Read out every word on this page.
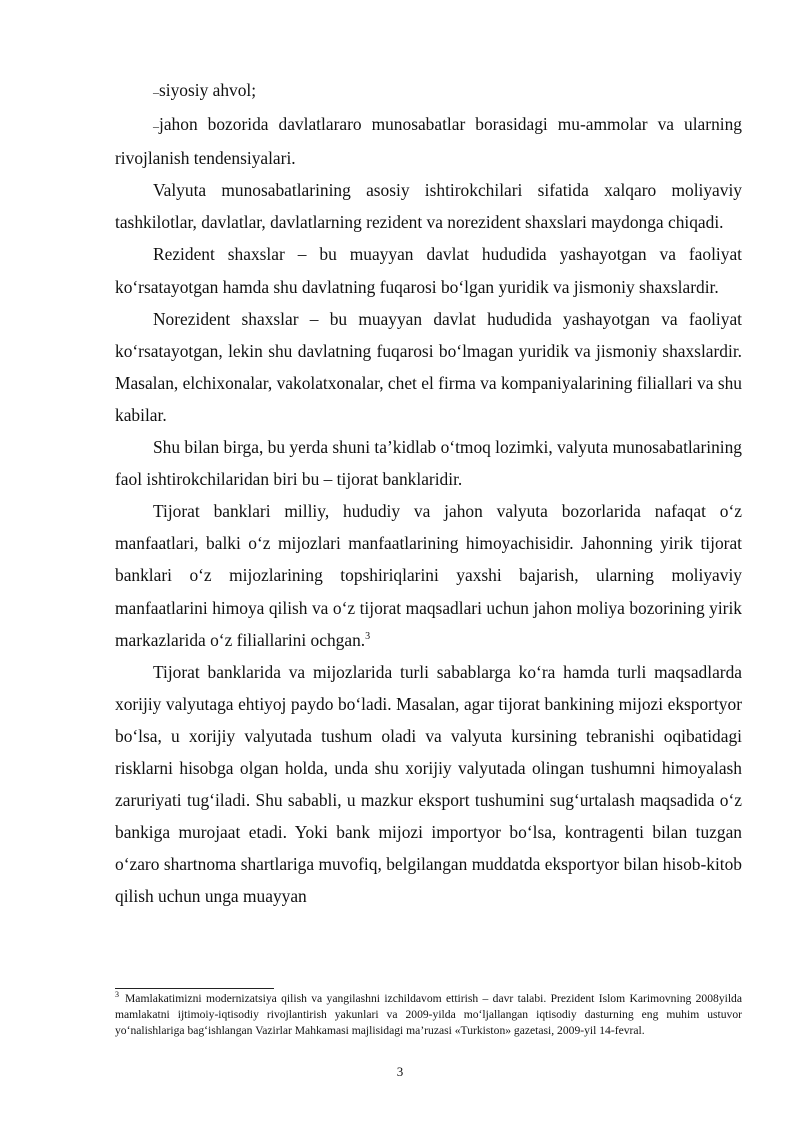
–siyosiy ahvol;

–jahon bozorida davlatlararo munosabatlar borasidagi mu-ammolar va ularning rivojlanish tendensiyalari.

Valyuta munosabatlarining asosiy ishtirokchilari sifatida xalqaro moliyaviy tashkilotlar, davlatlar, davlatlarning rezident va norezident shaxslari maydonga chiqadi.

Rezident shaxslar – bu muayyan davlat hududida yashayotgan va faoliyat ko‘rsatayotgan hamda shu davlatning fuqarosi bo‘lgan yuridik va jismoniy shaxslardir.

Norezident shaxslar – bu muayyan davlat hududida yashayotgan va faoliyat ko‘rsatayotgan, lekin shu davlatning fuqarosi bo‘lmagan yuridik va jismoniy shaxslardir. Masalan, elchixonalar, vakolatxonalar, chet el firma va kompaniyalarining filiallari va shu kabilar.

Shu bilan birga, bu yerda shuni ta’kidlab o‘tmoq lozimki, valyuta munosabatlarining faol ishtirokchilaridan biri bu – tijorat banklaridir.

Tijorat banklari milliy, hududiy va jahon valyuta bozorlarida nafaqat o‘z manfaatlari, balki o‘z mijozlari manfaatlarining himoyachisidir. Jahonning yirik tijorat banklari o‘z mijozlarining topshiriqlarini yaxshi bajarish, ularning moliyaviy manfaatlarini himoya qilish va o‘z tijorat maqsadlari uchun jahon moliya bozorining yirik markazlarida o‘z filiallarini ochgan.$^3$

Tijorat banklarida va mijozlarida turli sabablarga ko‘ra hamda turli maqsadlarda xorijiy valyutaga ehtiyoj paydo bo‘ladi. Masalan, agar tijorat bankining mijozi eksportyor bo‘lsa, u xorijiy valyutada tushum oladi va valyuta kursining tebranishi oqibatidagi risklarni hisobga olgan holda, unda shu xorijiy valyutada olingan tushumni himoyalash zaruriyati tug‘iladi. Shu sababli, u mazkur eksport tushumini sug‘urtalash maqsadida o‘z bankiga murojaat etadi. Yoki bank mijozi importyor bo‘lsa, kontragenti bilan tuzgan o‘zaro shartnoma shartlariga muvofiq, belgilangan muddatda eksportyor bilan hisob-kitob qilish uchun unga muayyan

$^3$ Mamlakatimizni modernizatsiya qilish va yangilashni izchildavom ettirish – davr talabi. Prezident Islom Karimovning 2008yilda mamlakatni ijtimoiy-iqtisodiy rivojlantirish yakunlari va 2009-yilda mo‘ljallangan iqtisodiy dasturning eng muhim ustuvor yo‘nalishlariga bag‘ishlangan Vazirlar Mahkamasi majlisidagi ma’ruzasi «Turkiston» gazetasi, 2009-yil 14-fevral.
3
